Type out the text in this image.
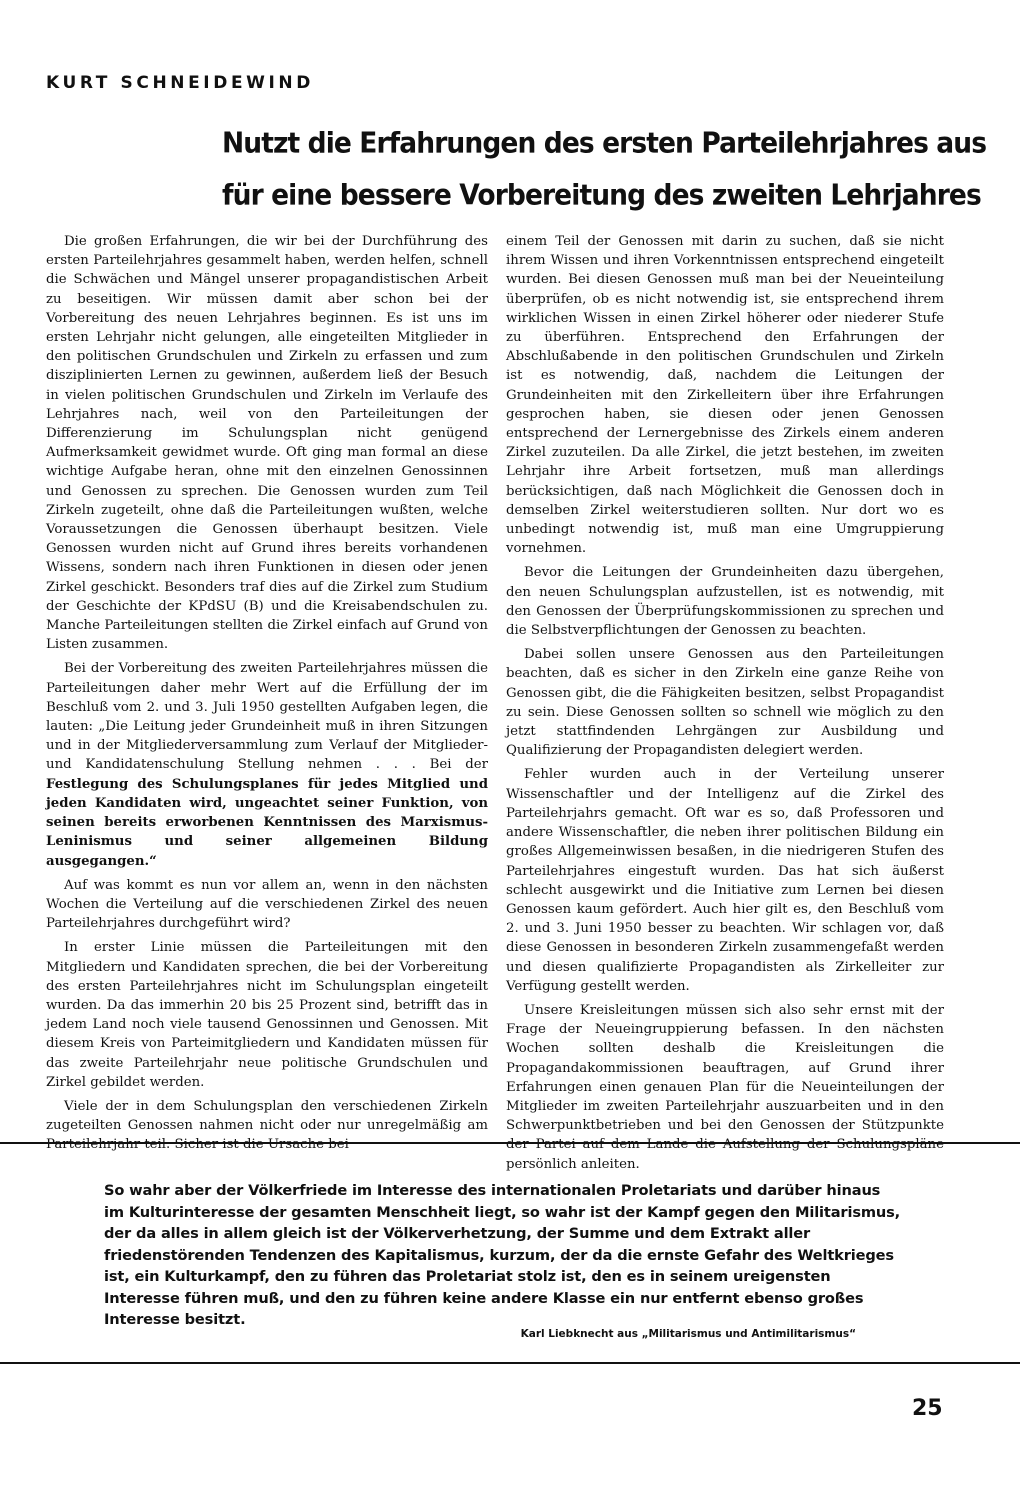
KURT SCHNEIDEWIND
Nutzt die Erfahrungen des ersten Parteilehrjahres aus
für eine bessere Vorbereitung des zweiten Lehrjahres

Die großen Erfahrungen, die wir bei der Durchführung des ersten Parteilehrjahres gesammelt haben, werden helfen, schnell die Schwächen und Mängel unserer propagandistischen Arbeit zu beseitigen. Wir müssen damit aber schon bei der Vorbereitung des neuen Lehrjahres beginnen. Es ist uns im ersten Lehrjahr nicht gelungen, alle eingeteilten Mitglieder in den politischen Grundschulen und Zirkeln zu erfassen und zum disziplinierten Lernen zu gewinnen, außerdem ließ der Besuch in vielen politischen Grundschulen und Zirkeln im Verlaufe des Lehrjahres nach, weil von den Parteileitungen der Differenzierung im Schulungsplan nicht genügend Aufmerksamkeit gewidmet wurde. Oft ging man formal an diese wichtige Aufgabe heran, ohne mit den einzelnen Genossinnen und Genossen zu sprechen. Die Genossen wurden zum Teil Zirkeln zugeteilt, ohne daß die Parteileitungen wußten, welche Voraussetzungen die Genossen überhaupt besitzen. Viele Genossen wurden nicht auf Grund ihres bereits vorhandenen Wissens, sondern nach ihren Funktionen in diesen oder jenen Zirkel geschickt. Besonders traf dies auf die Zirkel zum Studium der Geschichte der KPdSU (B) und die Kreisabendschulen zu. Manche Parteileitungen stellten die Zirkel einfach auf Grund von Listen zusammen.

Bei der Vorbereitung des zweiten Parteilehrjahres müssen die Parteileitungen daher mehr Wert auf die Erfüllung der im Beschluß vom 2. und 3. Juli 1950 gestellten Aufgaben legen, die lauten: „Die Leitung jeder Grundeinheit muß in ihren Sitzungen und in der Mitgliederversammlung zum Verlauf der Mitglieder- und Kandidatenschulung Stellung nehmen . . . Bei der Festlegung des Schulungsplanes für jedes Mitglied und jeden Kandidaten wird, ungeachtet seiner Funktion, von seinen bereits erworbenen Kenntnissen des Marxismus-Leninismus und seiner allgemeinen Bildung ausgegangen.“

Auf was kommt es nun vor allem an, wenn in den nächsten Wochen die Verteilung auf die verschiedenen Zirkel des neuen Parteilehrjahres durchgeführt wird?

In erster Linie müssen die Parteileitungen mit den Mitgliedern und Kandidaten sprechen, die bei der Vorbereitung des ersten Parteilehrjahres nicht im Schulungsplan eingeteilt wurden. Da das immerhin 20 bis 25 Prozent sind, betrifft das in jedem Land noch viele tausend Genossinnen und Genossen. Mit diesem Kreis von Parteimitgliedern und Kandidaten müssen für das zweite Parteilehrjahr neue politische Grundschulen und Zirkel gebildet werden.

Viele der in dem Schulungsplan den verschiedenen Zirkeln zugeteilten Genossen nahmen nicht oder nur unregelmäßig am Parteilehrjahr teil. Sicher ist die Ursache bei

einem Teil der Genossen mit darin zu suchen, daß sie nicht ihrem Wissen und ihren Vorkenntnissen entsprechend eingeteilt wurden. Bei diesen Genossen muß man bei der Neueinteilung überprüfen, ob es nicht notwendig ist, sie entsprechend ihrem wirklichen Wissen in einen Zirkel höherer oder niederer Stufe zu überführen. Entsprechend den Erfahrungen der Abschlußabende in den politischen Grundschulen und Zirkeln ist es notwendig, daß, nachdem die Leitungen der Grundeinheiten mit den Zirkelleitern über ihre Erfahrungen gesprochen haben, sie diesen oder jenen Genossen entsprechend der Lernergebnisse des Zirkels einem anderen Zirkel zuzuteilen. Da alle Zirkel, die jetzt bestehen, im zweiten Lehrjahr ihre Arbeit fortsetzen, muß man allerdings berücksichtigen, daß nach Möglichkeit die Genossen doch in demselben Zirkel weiterstudieren sollten. Nur dort wo es unbedingt notwendig ist, muß man eine Umgruppierung vornehmen.

Bevor die Leitungen der Grundeinheiten dazu übergehen, den neuen Schulungsplan aufzustellen, ist es notwendig, mit den Genossen der Überprüfungskommissionen zu sprechen und die Selbstverpflichtungen der Genossen zu beachten.

Dabei sollen unsere Genossen aus den Parteileitungen beachten, daß es sicher in den Zirkeln eine ganze Reihe von Genossen gibt, die die Fähigkeiten besitzen, selbst Propagandist zu sein. Diese Genossen sollten so schnell wie möglich zu den jetzt stattfindenden Lehrgängen zur Ausbildung und Qualifizierung der Propagandisten delegiert werden.

Fehler wurden auch in der Verteilung unserer Wissenschaftler und der Intelligenz auf die Zirkel des Parteilehrjahrs gemacht. Oft war es so, daß Professoren und andere Wissenschaftler, die neben ihrer politischen Bildung ein großes Allgemeinwissen besaßen, in die niedrigeren Stufen des Parteilehrjahres eingestuft wurden. Das hat sich äußerst schlecht ausgewirkt und die Initiative zum Lernen bei diesen Genossen kaum gefördert. Auch hier gilt es, den Beschluß vom 2. und 3. Juni 1950 besser zu beachten. Wir schlagen vor, daß diese Genossen in besonderen Zirkeln zusammengefaßt werden und diesen qualifizierte Propagandisten als Zirkelleiter zur Verfügung gestellt werden.

Unsere Kreisleitungen müssen sich also sehr ernst mit der Frage der Neueingruppierung befassen. In den nächsten Wochen sollten deshalb die Kreisleitungen die Propagandakommissionen beauftragen, auf Grund ihrer Erfahrungen einen genauen Plan für die Neueinteilungen der Mitglieder im zweiten Parteilehrjahr auszuarbeiten und in den Schwerpunktbetrieben und bei den Genossen der Stützpunkte der Partei auf dem Lande die Aufstellung der Schulungspläne persönlich anleiten.

So wahr aber der Völkerfriede im Interesse des internationalen Proletariats und darüber hinaus im Kulturinteresse der gesamten Menschheit liegt, so wahr ist der Kampf gegen den Militarismus, der da alles in allem gleich ist der Völkerverhetzung, der Summe und dem Extrakt aller friedenstörenden Tendenzen des Kapitalismus, kurzum, der da die ernste Gefahr des Weltkrieges ist, ein Kulturkampf, den zu führen das Proletariat stolz ist, den es in seinem ureigensten Interesse führen muß, und den zu führen keine andere Klasse ein nur entfernt ebenso großes Interesse besitzt.
Karl Liebknecht aus „Militarismus und Antimilitarismus“
25
